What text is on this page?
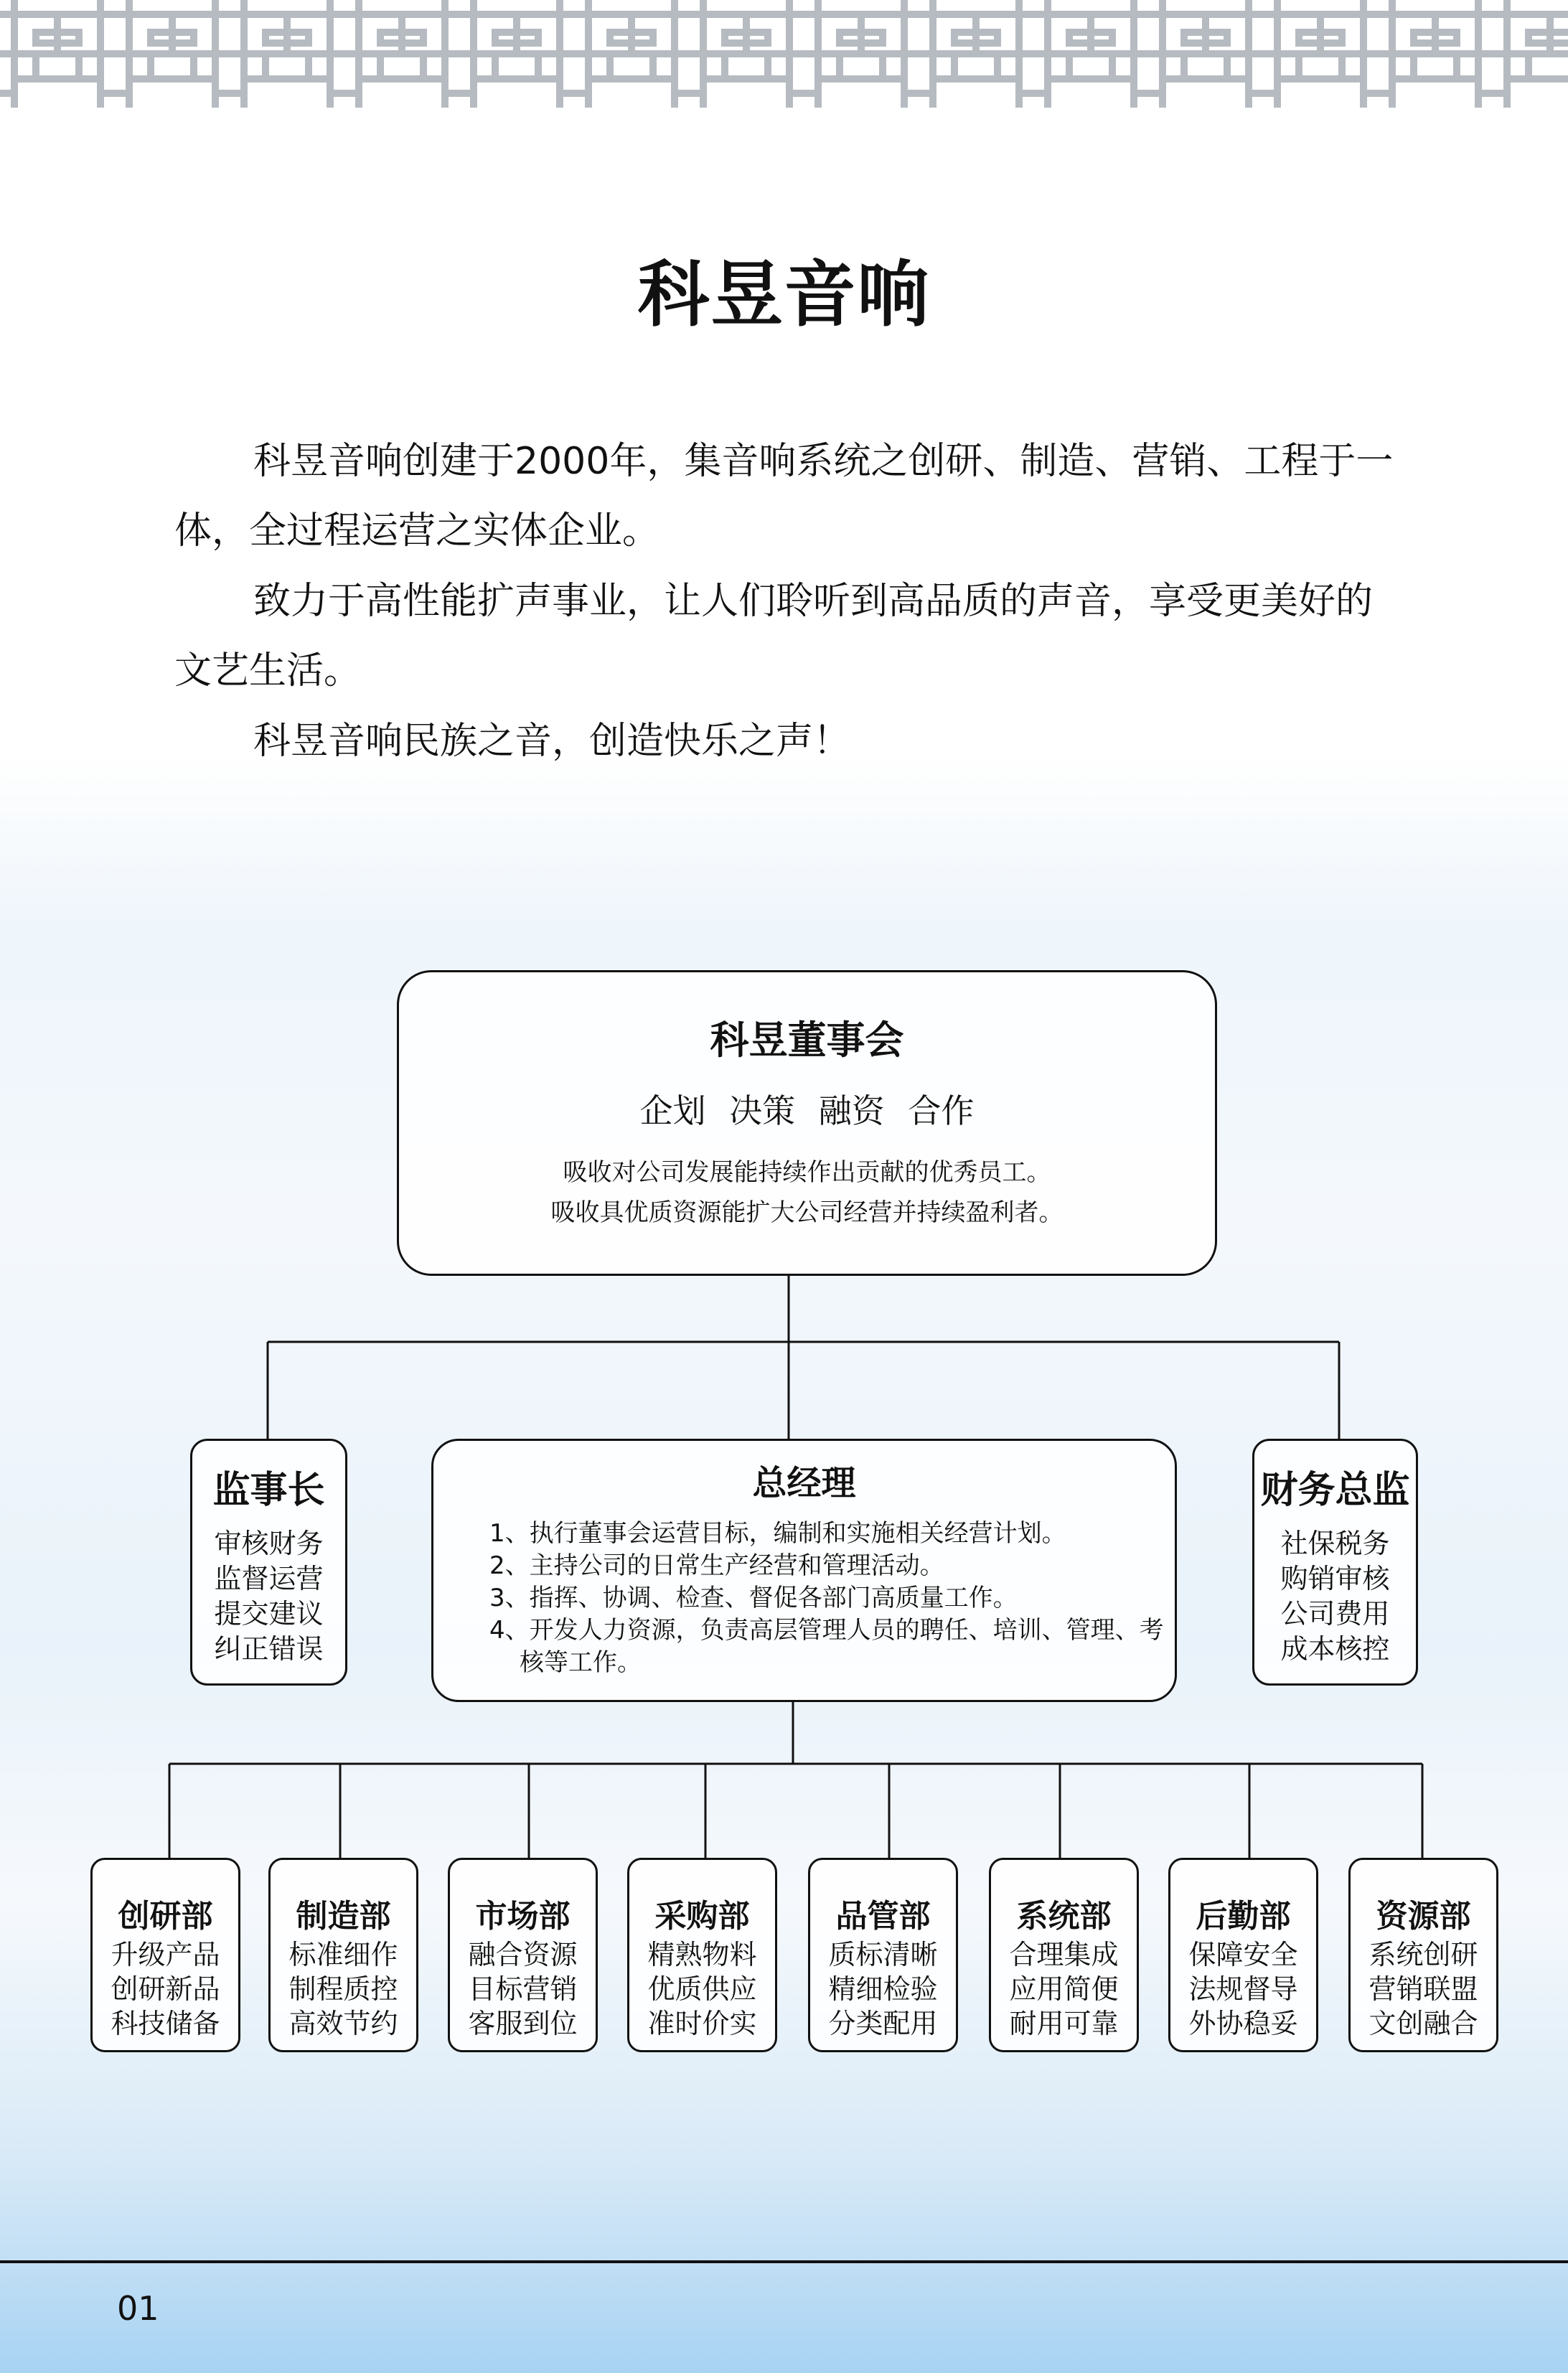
科昱音响

科昱音响创建于2000年，集音响系统之创研、制造、营销、工程于一体，全过程运营之实体企业。

致力于高性能扩声事业，让人们聆听到高品质的声音，享受更美好的文艺生活。

科昱音响民族之音，创造快乐之声！

科昱董事会
企划 决策 融资 合作
吸收对公司发展能持续作出贡献的优秀员工。
吸收具优质资源能扩大公司经营并持续盈利者。
监事长
审核财务
监督运营
提交建议
纠正错误
总经理
1、执行董事会运营目标，编制和实施相关经营计划。
2、主持公司的日常生产经营和管理活动。
3、指挥、协调、检查、督促各部门高质量工作。
4、开发人力资源，负责高层管理人员的聘任、培训、管理、考核等工作。
财务总监
社保税务
购销审核
公司费用
成本核控
创研部
升级产品
创研新品
科技储备
制造部
标准细作
制程质控
高效节约
市场部
融合资源
目标营销
客服到位
采购部
精熟物料
优质供应
准时价实
品管部
质标清晰
精细检验
分类配用
系统部
合理集成
应用简便
耐用可靠
后勤部
保障安全
法规督导
外协稳妥
资源部
系统创研
营销联盟
文创融合
01
